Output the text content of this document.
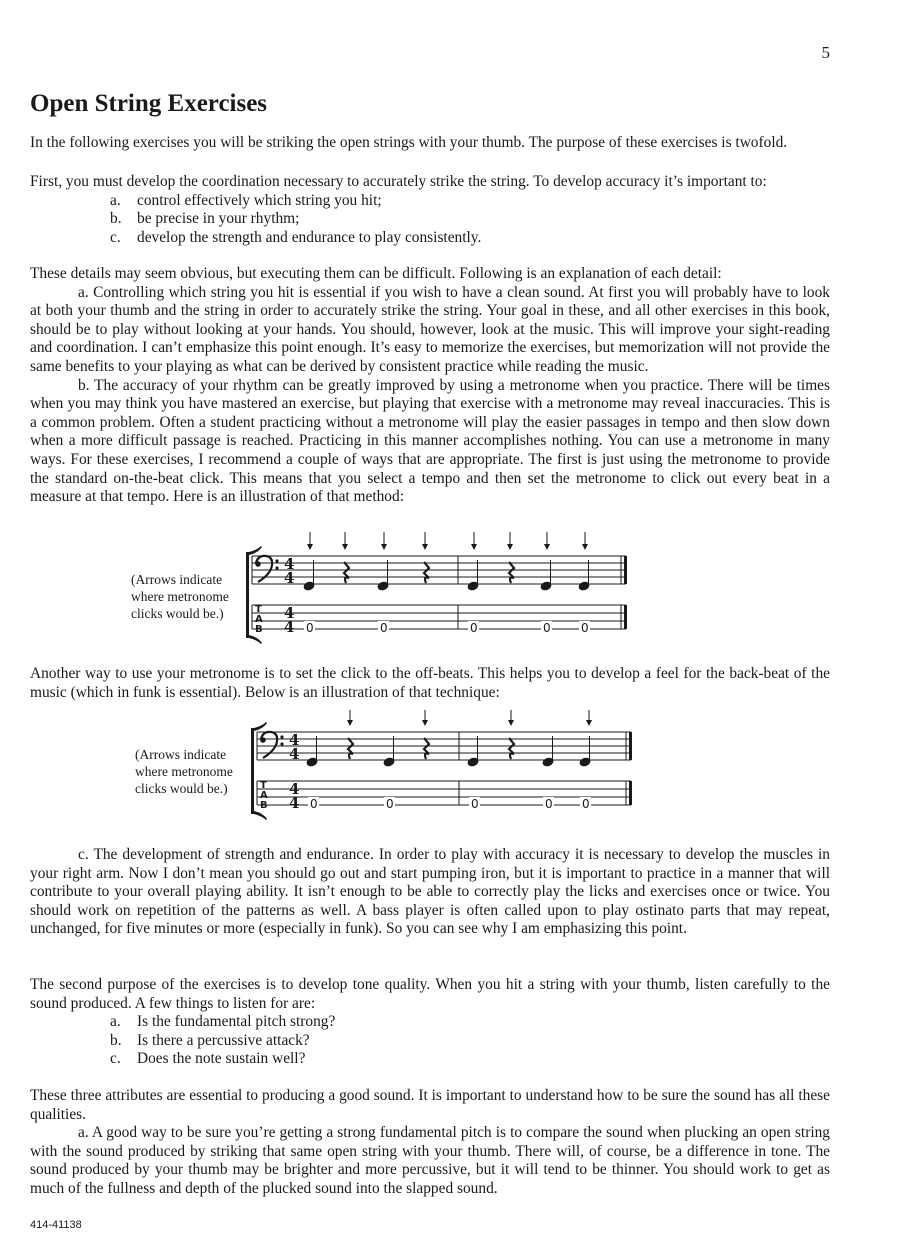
5
Open String Exercises

In the following exercises you will be striking the open strings with your thumb. The purpose of these exercises is twofold.

First, you must develop the coordination necessary to accurately strike the string. To develop accuracy it’s important to:

a. control effectively which string you hit;
b. be precise in your rhythm;
c. develop the strength and endurance to play consistently.

These details may seem obvious, but executing them can be difficult. Following is an explanation of each detail:

a. Controlling which string you hit is essential if you wish to have a clean sound. At first you will probably have to look at both your thumb and the string in order to accurately strike the string. Your goal in these, and all other exercises in this book, should be to play without looking at your hands. You should, however, look at the music. This will improve your sight-reading and coordination. I can’t emphasize this point enough. It’s easy to memorize the exercises, but memorization will not provide the same benefits to your playing as what can be derived by consistent practice while reading the music.

b. The accuracy of your rhythm can be greatly improved by using a metronome when you practice. There will be times when you may think you have mastered an exercise, but playing that exercise with a metronome may reveal inaccuracies. This is a common problem. Often a student practicing without a metronome will play the easier passages in tempo and then slow down when a more difficult passage is reached. Practicing in this manner accomplishes nothing. You can use a metronome in many ways. For these exercises, I recommend a couple of ways that are appropriate. The first is just using the metronome to provide the standard on-the-beat click. This means that you select a tempo and then set the metronome to click out every beat in a measure at that tempo. Here is an illustration of that method:

(Arrows indicate where metronome clicks would be.)
4
4
T
A
B
4
4 0	0	0	0	0

Another way to use your metronome is to set the click to the off-beats. This helps you to develop a feel for the back-beat of the music (which in funk is essential). Below is an illustration of that technique:

(Arrows indicate where metronome clicks would be.)
4
4
T
A
B
4
4 0	0	0	0 0

c. The development of strength and endurance. In order to play with accuracy it is necessary to develop the muscles in your right arm. Now I don’t mean you should go out and start pumping iron, but it is important to practice in a manner that will contribute to your overall playing ability. It isn’t enough to be able to correctly play the licks and exercises once or twice. You should work on repetition of the patterns as well. A bass player is often called upon to play ostinato parts that may repeat, unchanged, for five minutes or more (especially in funk). So you can see why I am emphasizing this point.

The second purpose of the exercises is to develop tone quality. When you hit a string with your thumb, listen carefully to the sound produced. A few things to listen for are:

a. Is the fundamental pitch strong?
b. Is there a percussive attack?
c. Does the note sustain well?

These three attributes are essential to producing a good sound. It is important to understand how to be sure the sound has all these qualities.

a. A good way to be sure you’re getting a strong fundamental pitch is to compare the sound when plucking an open string with the sound produced by striking that same open string with your thumb. There will, of course, be a difference in tone. The sound produced by your thumb may be brighter and more percussive, but it will tend to be thinner. You should work to get as much of the fullness and depth of the plucked sound into the slapped sound.

414-41138
